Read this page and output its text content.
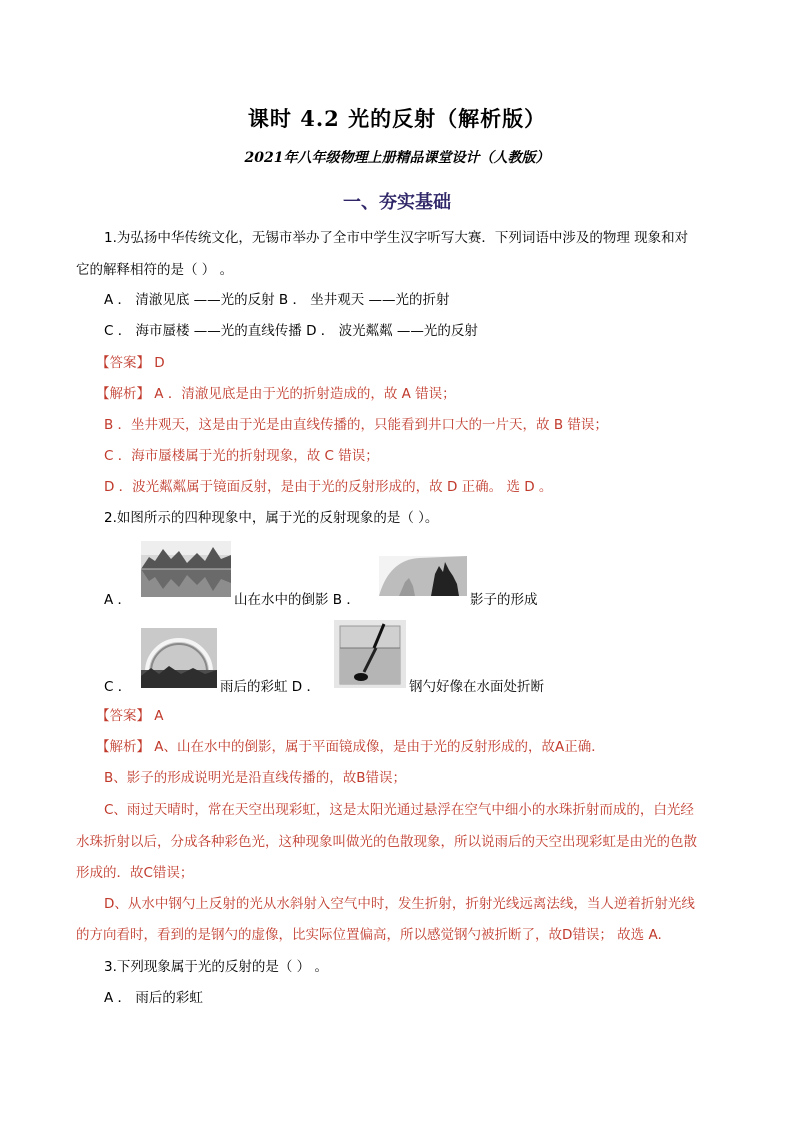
课时 4.2 光的反射（解析版）
2021年八年级物理上册精品课堂设计（人教版）
一、夯实基础
1.为弘扬中华传统文化，无锡市举办了全市中学生汉字听写大赛．下列词语中涉及的物理 现象和对
它的解释相符的是（ ） 。
A ． 清澈见底 ——光的反射 B ． 坐井观天 ——光的折射
C ． 海市蜃楼 ——光的直线传播 D ． 波光粼粼 ——光的反射
【答案】 D
【解析】 A ．清澈见底是由于光的折射造成的，故 A 错误；
B ．坐井观天，这是由于光是由直线传播的，只能看到井口大的一片天，故 B 错误；
C ．海市蜃楼属于光的折射现象，故 C 错误；
D ．波光粼粼属于镜面反射，是由于光的反射形成的，故 D 正确。 选 D 。
2.如图所示的四种现象中，属于光的反射现象的是（ ）。
A ．	山在水中的倒影 B ．	影子的形成
C ．	雨后的彩虹 D ．	钢勺好像在水面处折断
【答案】 A
【解析】 A、山在水中的倒影，属于平面镜成像，是由于光的反射形成的，故A正确．
B、影子的形成说明光是沿直线传播的，故B错误；
C、雨过天晴时，常在天空出现彩虹，这是太阳光通过悬浮在空气中细小的水珠折射而成的，白光经
水珠折射以后，分成各种彩色光，这种现象叫做光的色散现象，所以说雨后的天空出现彩虹是由光的色散
形成的．故C错误；
D、从水中钢勺上反射的光从水斜射入空气中时，发生折射，折射光线远离法线，当人逆着折射光线
的方向看时，看到的是钢勺的虚像，比实际位置偏高，所以感觉钢勺被折断了，故D错误； 故选 A.
3.下列现象属于光的反射的是（ ） 。
A ． 雨后的彩虹
